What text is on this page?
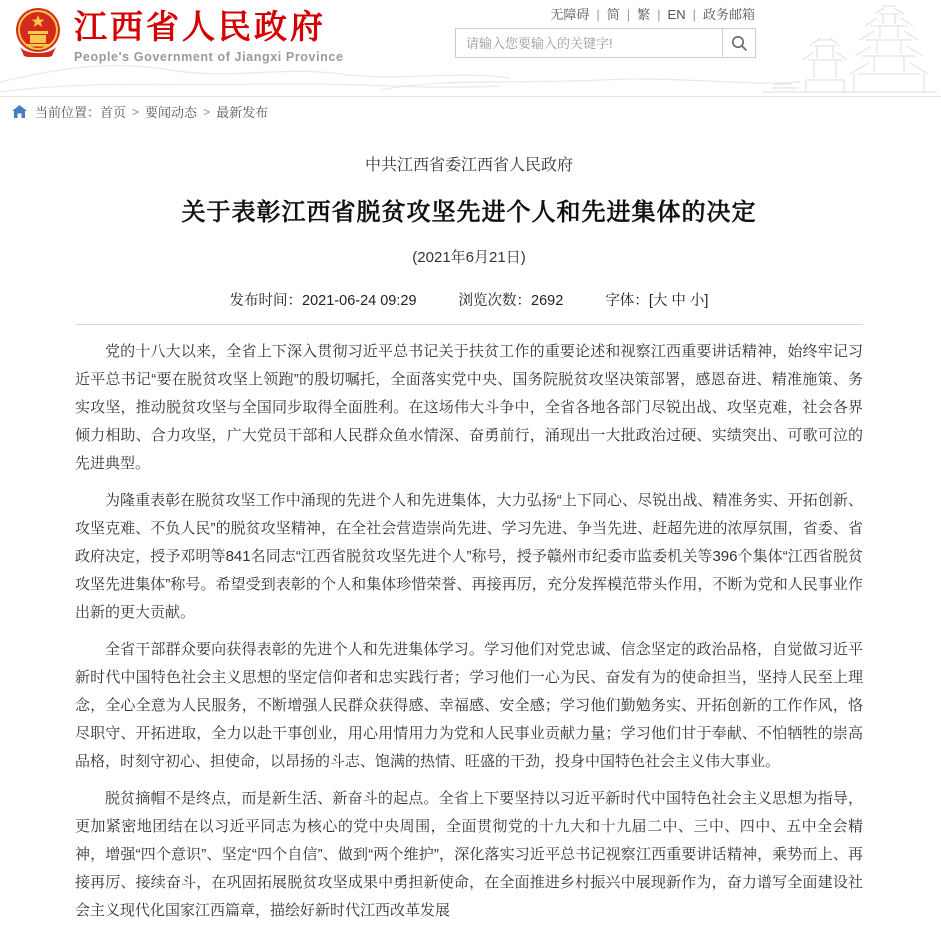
江西省人民政府
People's Government of Jiangxi Province
无障碍 | 简 | 繁 | EN | 政务邮箱
请输入您要输入的关键字!
当前位置： 首页 > 要闻动态 > 最新发布
中共江西省委江西省人民政府
关于表彰江西省脱贫攻坚先进个人和先进集体的决定
(2021年6月21日)
发布时间：2021-06-24 09:29	浏览次数：2692	字体：[大 中 小]

党的十八大以来，全省上下深入贯彻习近平总书记关于扶贫工作的重要论述和视察江西重要讲话精神，始终牢记习近平总书记“要在脱贫攻坚上领跑”的殷切嘱托，全面落实党中央、国务院脱贫攻坚决策部署，感恩奋进、精准施策、务实攻坚，推动脱贫攻坚与全国同步取得全面胜利。在这场伟大斗争中，全省各地各部门尽锐出战、攻坚克难，社会各界倾力相助、合力攻坚，广大党员干部和人民群众鱼水情深、奋勇前行，涌现出一大批政治过硬、实绩突出、可歌可泣的先进典型。

为隆重表彰在脱贫攻坚工作中涌现的先进个人和先进集体，大力弘扬“上下同心、尽锐出战、精准务实、开拓创新、攻坚克难、不负人民”的脱贫攻坚精神，在全社会营造崇尚先进、学习先进、争当先进、赶超先进的浓厚氛围，省委、省政府决定，授予邓明等841名同志“江西省脱贫攻坚先进个人”称号，授予赣州市纪委市监委机关等396个集体“江西省脱贫攻坚先进集体”称号。希望受到表彰的个人和集体珍惜荣誉、再接再厉，充分发挥模范带头作用，不断为党和人民事业作出新的更大贡献。

全省干部群众要向获得表彰的先进个人和先进集体学习。学习他们对党忠诚、信念坚定的政治品格，自觉做习近平新时代中国特色社会主义思想的坚定信仰者和忠实践行者；学习他们一心为民、奋发有为的使命担当，坚持人民至上理念，全心全意为人民服务，不断增强人民群众获得感、幸福感、安全感；学习他们勤勉务实、开拓创新的工作作风，恪尽职守、开拓进取，全力以赴干事创业，用心用情用力为党和人民事业贡献力量；学习他们甘于奉献、不怕牺牲的崇高品格，时刻守初心、担使命，以昂扬的斗志、饱满的热情、旺盛的干劲，投身中国特色社会主义伟大事业。

脱贫摘帽不是终点，而是新生活、新奋斗的起点。全省上下要坚持以习近平新时代中国特色社会主义思想为指导，更加紧密地团结在以习近平同志为核心的党中央周围，全面贯彻党的十九大和十九届二中、三中、四中、五中全会精神，增强“四个意识”、坚定“四个自信”、做到“两个维护”，深化落实习近平总书记视察江西重要讲话精神，乘势而上、再接再厉、接续奋斗，在巩固拓展脱贫攻坚成果中勇担新使命，在全面推进乡村振兴中展现新作为，奋力谱写全面建设社会主义现代化国家江西篇章，描绘好新时代江西改革发展
